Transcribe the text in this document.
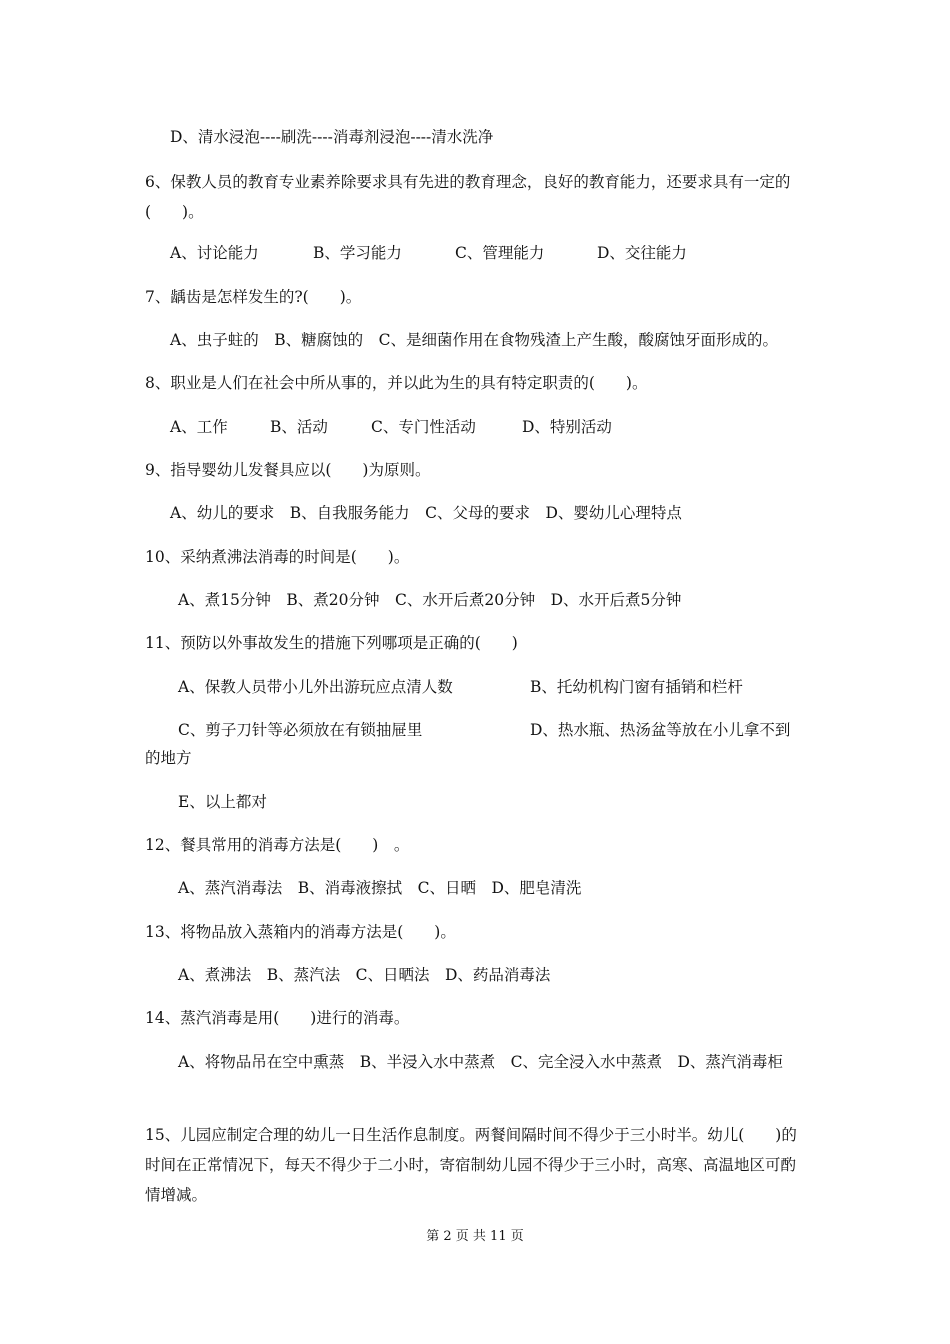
D、清水浸泡----刷洗----消毒剂浸泡----清水洗净
6、保教人员的教育专业素养除要求具有先进的教育理念，良好的教育能力，还要求具有一定的(　　)。
A、讨论能力	B、学习能力	C、管理能力	D、交往能力
7、龋齿是怎样发生的?(　　)。
A、虫子蛀的　B、糖腐蚀的　C、是细菌作用在食物残渣上产生酸，酸腐蚀牙面形成的。
8、职业是人们在社会中所从事的，并以此为生的具有特定职责的(　　)。
A、工作	B、活动	C、专门性活动	D、特别活动
9、指导婴幼儿发餐具应以(　　)为原则。
A、幼儿的要求　B、自我服务能力　C、父母的要求　D、婴幼儿心理特点
10、采纳煮沸法消毒的时间是(　　)。
A、煮15分钟　B、煮20分钟　C、水开后煮20分钟　D、水开后煮5分钟
11、预防以外事故发生的措施下列哪项是正确的(　　)
A、保教人员带小儿外出游玩应点清人数	B、托幼机构门窗有插销和栏杆
C、剪子刀针等必须放在有锁抽屉里	D、热水瓶、热汤盆等放在小儿拿不到
的地方
E、以上都对
12、餐具常用的消毒方法是(　　)　。
A、蒸汽消毒法　B、消毒液擦拭　C、日晒　D、肥皂清洗
13、将物品放入蒸箱内的消毒方法是(　　)。
A、煮沸法　B、蒸汽法　C、日晒法　D、药品消毒法
14、蒸汽消毒是用(　　)进行的消毒。
A、将物品吊在空中熏蒸　B、半浸入水中蒸煮　C、完全浸入水中蒸煮　D、蒸汽消毒柜
15、儿园应制定合理的幼儿一日生活作息制度。两餐间隔时间不得少于三小时半。幼儿(　　)的时间在正常情况下，每天不得少于二小时，寄宿制幼儿园不得少于三小时，高寒、高温地区可酌情增减。
第 2 页 共 11 页
